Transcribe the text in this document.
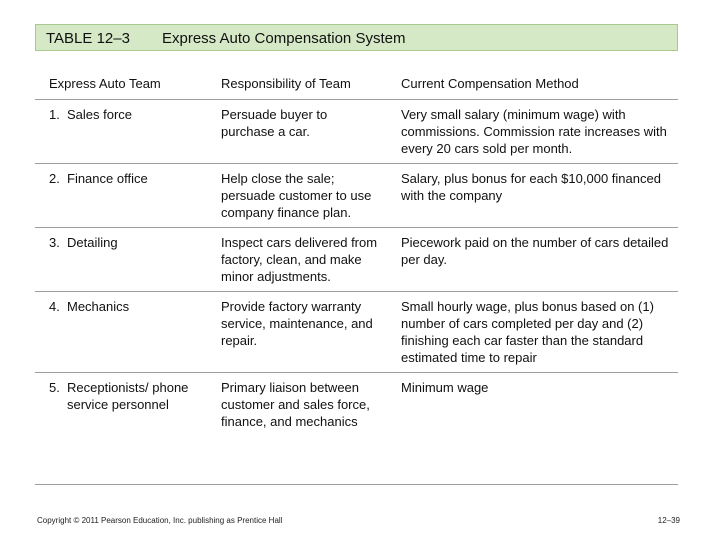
TABLE 12–3 Express Auto Compensation System
Express Auto Team	Responsibility of Team	Current Compensation Method
1. Sales force	Persuade buyer to purchase a car.	Very small salary (minimum wage) with commissions. Commission rate increases with every 20 cars sold per month.
2. Finance office	Help close the sale; persuade customer to use company finance plan.	Salary, plus bonus for each $10,000 financed with the company
3. Detailing	Inspect cars delivered from factory, clean, and make minor adjustments.	Piecework paid on the number of cars detailed per day.
4. Mechanics	Provide factory warranty service, maintenance, and repair.	Small hourly wage, plus bonus based on (1) number of cars completed per day and (2) finishing each car faster than the standard estimated time to repair
5. Receptionists/ phone service personnel	Primary liaison between customer and sales force, finance, and mechanics	Minimum wage
Copyright © 2011 Pearson Education, Inc. publishing as Prentice Hall	12–39
